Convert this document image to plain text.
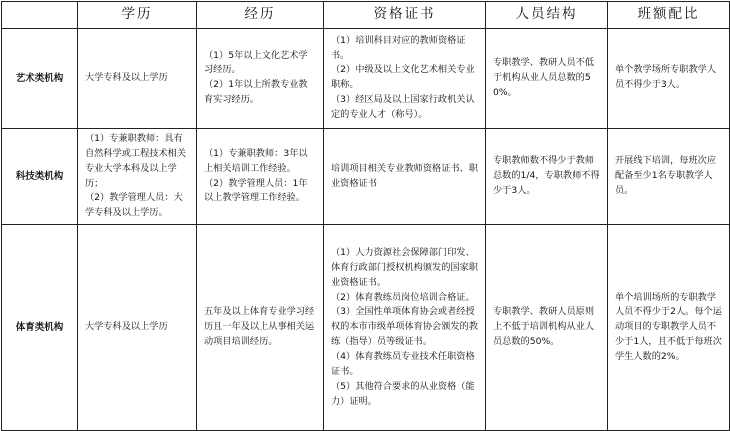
	学历	经历	资格证书	人员结构	班额配比
艺术类机构	大学专科及以上学历	（1）5年以上文化艺术学习经历。
（2）1年以上所教专业教育实习经历。	（1）培训科目对应的教师资格证书。
（2）中级及以上文化艺术相关专业职称。
（3）经区局及以上国家行政机关认定的专业人才（称号）。	专职教学、教研人员不低于机构从业人员总数的50%。	单个教学场所专职教学人员不得少于3人。

科技类机构	（1）专兼职教师：具有自然科学或工程技术相关专业大学本科及以上学历；
（2）教学管理人员：大学专科及以上学历。	（1）专兼职教师：3年以上相关培训工作经验。
（2）教学管理人员：1年以上教学管理工作经验。	培训项目相关专业教师资格证书、职业资格证书	专职教师数不得少于教师总数的1/4，专职教师不得少于3人。	开展线下培训，每班次应配备至少1名专职教学人员。

体育类机构	大学专科及以上学历	五年及以上体育专业学习经历且一年及以上从事相关运动项目培训经历。	（1）人力资源社会保障部门印发、体育行政部门授权机构颁发的国家职业资格证书。
（2）体育教练员岗位培训合格证。
（3）全国性单项体育协会或者经授权的本市市级单项体育协会颁发的教练（指导）员等级证书。
（4）体育教练员专业技术任职资格证书。
（5）其他符合要求的从业资格（能力）证明。	专职教学、教研人员原则上不低于培训机构从业人员总数的50%。	单个培训场所的专职教学人员不得少于2人。每个运动项目的专职教学人员不少于1人，且不低于每班次学生人数的2%。
